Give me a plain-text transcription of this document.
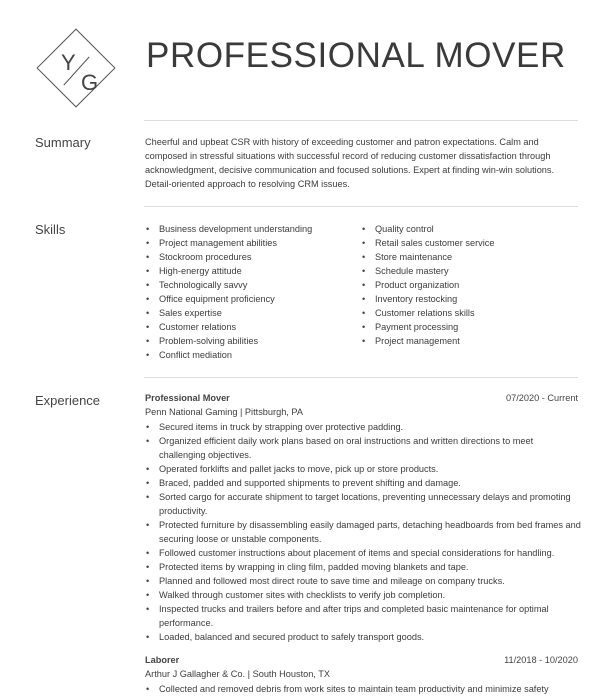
Y
G
PROFESSIONAL MOVER
Summary	Cheerful and upbeat CSR with history of exceeding customer and patron expectations. Calm and composed in stressful situations with successful record of reducing customer dissatisfaction through acknowledgment, decisive communication and focused solutions. Expert at finding win-win solutions. Detail-oriented approach to resolving CRM issues.
Skills
•	Business development understanding
• Project management abilities
• Stockroom procedures
• High-energy attitude
• Technologically savvy
• Office equipment proficiency
• Sales expertise
• Customer relations
• Problem-solving abilities
• Conflict mediation
• Quality control
• Retail sales customer service
• Store maintenance
• Schedule mastery
• Product organization
• Inventory restocking
• Customer relations skills
• Payment processing
• Project management
Experience	Professional Mover	07/2020 - Current
Penn National Gaming | Pittsburgh, PA
• Secured items in truck by strapping over protective padding.
• Organized efficient daily work plans based on oral instructions and written directions to meet challenging objectives.
• Operated forklifts and pallet jacks to move, pick up or store products.
• Braced, padded and supported shipments to prevent shifting and damage.
• Sorted cargo for accurate shipment to target locations, preventing unnecessary delays and promoting productivity.
• Protected furniture by disassembling easily damaged parts, detaching headboards from bed frames and securing loose or unstable components.
• Followed customer instructions about placement of items and special considerations for handling.
• Protected items by wrapping in cling film, padded moving blankets and tape.
• Planned and followed most direct route to save time and mileage on company trucks.
• Walked through customer sites with checklists to verify job completion.
• Inspected trucks and trailers before and after trips and completed basic maintenance for optimal performance.
• Loaded, balanced and secured product to safely transport goods.
Laborer	11/2018 - 10/2020
Arthur J Gallagher & Co. | South Houston, TX
• Collected and removed debris from work sites to maintain team productivity and minimize safety
